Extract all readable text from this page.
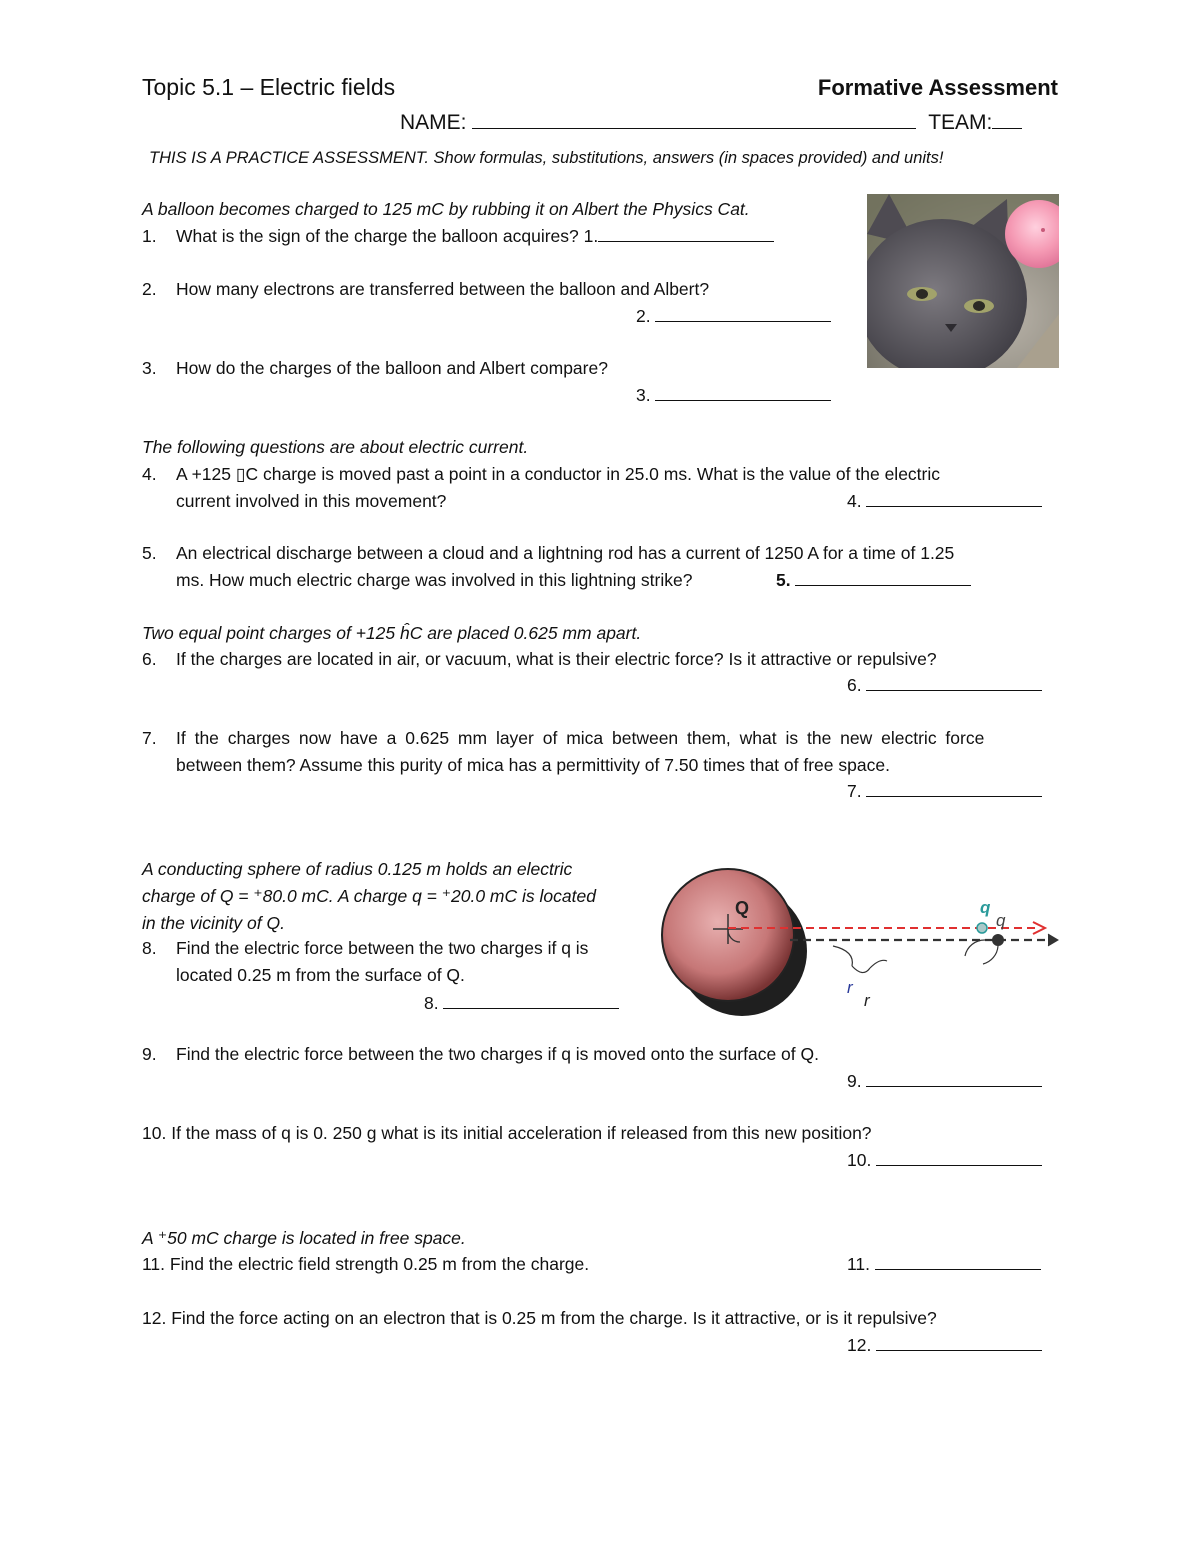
Topic 5.1 – Electric fields	Formative Assessment
NAME:	TEAM:
THIS IS A PRACTICE ASSESSMENT. Show formulas, substitutions, answers (in spaces provided) and units!
A balloon becomes charged to 125 mC by rubbing it on Albert the Physics Cat.
1. What is the sign of the charge the balloon acquires? 1.
2. How many electrons are transferred between the balloon and Albert?
2.
3. How do the charges of the balloon and Albert compare?
3.
The following questions are about electric current.
4. A +125 ▯C charge is moved past a point in a conductor in 25.0 ms. What is the value of the electric
current involved in this movement?	4.
5. An electrical discharge between a cloud and a lightning rod has a current of 1250 A for a time of 1.25
ms. How much electric charge was involved in this lightning strike?	5.
Two equal point charges of +125 ĥC are placed 0.625 mm apart.
6. If the charges are located in air, or vacuum, what is their electric force? Is it attractive or repulsive?
6.
7. If the charges now have a 0.625 mm layer of mica between them, what is the new electric force
between them? Assume this purity of mica has a permittivity of 7.50 times that of free space.
7.
A conducting sphere of radius 0.125 m holds an electric
charge of Q = ⁺80.0 mC. A charge q = ⁺20.0 mC is located
in the vicinity of Q.
8. Find the electric force between the two charges if q is
located 0.25 m from the surface of Q.
8.
Q	q
q
r
r
9. Find the electric force between the two charges if q is moved onto the surface of Q.
9.
10. If the mass of q is 0. 250 g what is its initial acceleration if released from this new position?
10.
A ⁺50 mC charge is located in free space.
11. Find the electric field strength 0.25 m from the charge.	11.
12. Find the force acting on an electron that is 0.25 m from the charge. Is it attractive, or is it repulsive?
12.
